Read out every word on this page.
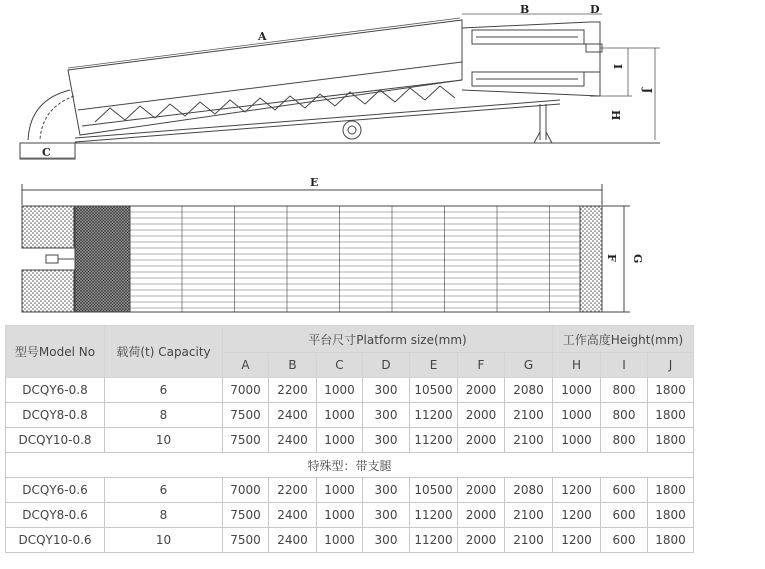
A
B
C
D
H
I
J
E
F G
型号Model No	载荷(t) Capacity	平台尺寸Platform size(mm)							工作高度Height(mm)		
		A	B	C	D	E	F	G	H	I	J
DCQY6-0.8	6	7000	2200	1000	300	10500	2000	2080	1000	800	1800
DCQY8-0.8	8	7500	2400	1000	300	11200	2000	2100	1000	800	1800
DCQY10-0.8	10	7500	2400	1000	300	11200	2000	2100	1000	800	1800
特殊型：带支腿											
DCQY6-0.6	6	7000	2200	1000	300	10500	2000	2080	1200	600	1800
DCQY8-0.6	8	7500	2400	1000	300	11200	2000	2100	1200	600	1800
DCQY10-0.6	10	7500	2400	1000	300	11200	2000	2100	1200	600	1800
